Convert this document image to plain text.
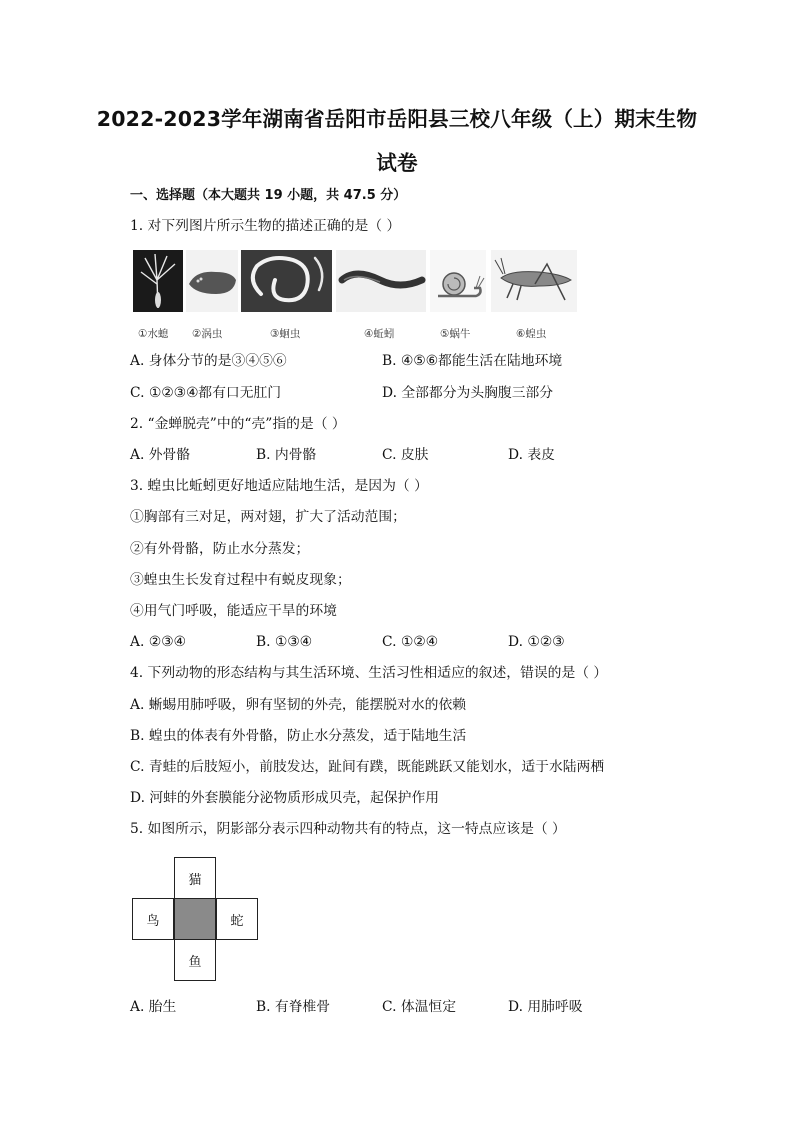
2022-2023学年湖南省岳阳市岳阳县三校八年级（上）期末生物
试卷
一、选择题（本大题共 19 小题，共 47.5 分）
1. 对下列图片所示生物的描述正确的是（ ）
①水螅 ②涡虫	③蛔虫	④蚯蚓	⑤蜗牛	⑥蝗虫
A. 身体分节的是③④⑤⑥	B. ④⑤⑥都能生活在陆地环境
C. ①②③④都有口无肛门	D. 全部都分为头胸腹三部分
2. “金蝉脱壳”中的“壳”指的是（ ）
A. 外骨骼	B. 内骨骼	C. 皮肤	D. 表皮
3. 蝗虫比蚯蚓更好地适应陆地生活，是因为（ ）
①胸部有三对足，两对翅，扩大了活动范围；
②有外骨骼，防止水分蒸发；
③蝗虫生长发育过程中有蜕皮现象；
④用气门呼吸，能适应干旱的环境
A. ②③④	B. ①③④	C. ①②④	D. ①②③
4. 下列动物的形态结构与其生活环境、生活习性相适应的叙述，错误的是（ ）
A. 蜥蜴用肺呼吸，卵有坚韧的外壳，能摆脱对水的依赖
B. 蝗虫的体表有外骨骼，防止水分蒸发，适于陆地生活
C. 青蛙的后肢短小，前肢发达，趾间有蹼，既能跳跃又能划水，适于水陆两栖
D. 河蚌的外套膜能分泌物质形成贝壳，起保护作用
5. 如图所示，阴影部分表示四种动物共有的特点，这一特点应该是（ ）
猫
鸟	蛇
鱼
A. 胎生	B. 有脊椎骨	C. 体温恒定	D. 用肺呼吸
